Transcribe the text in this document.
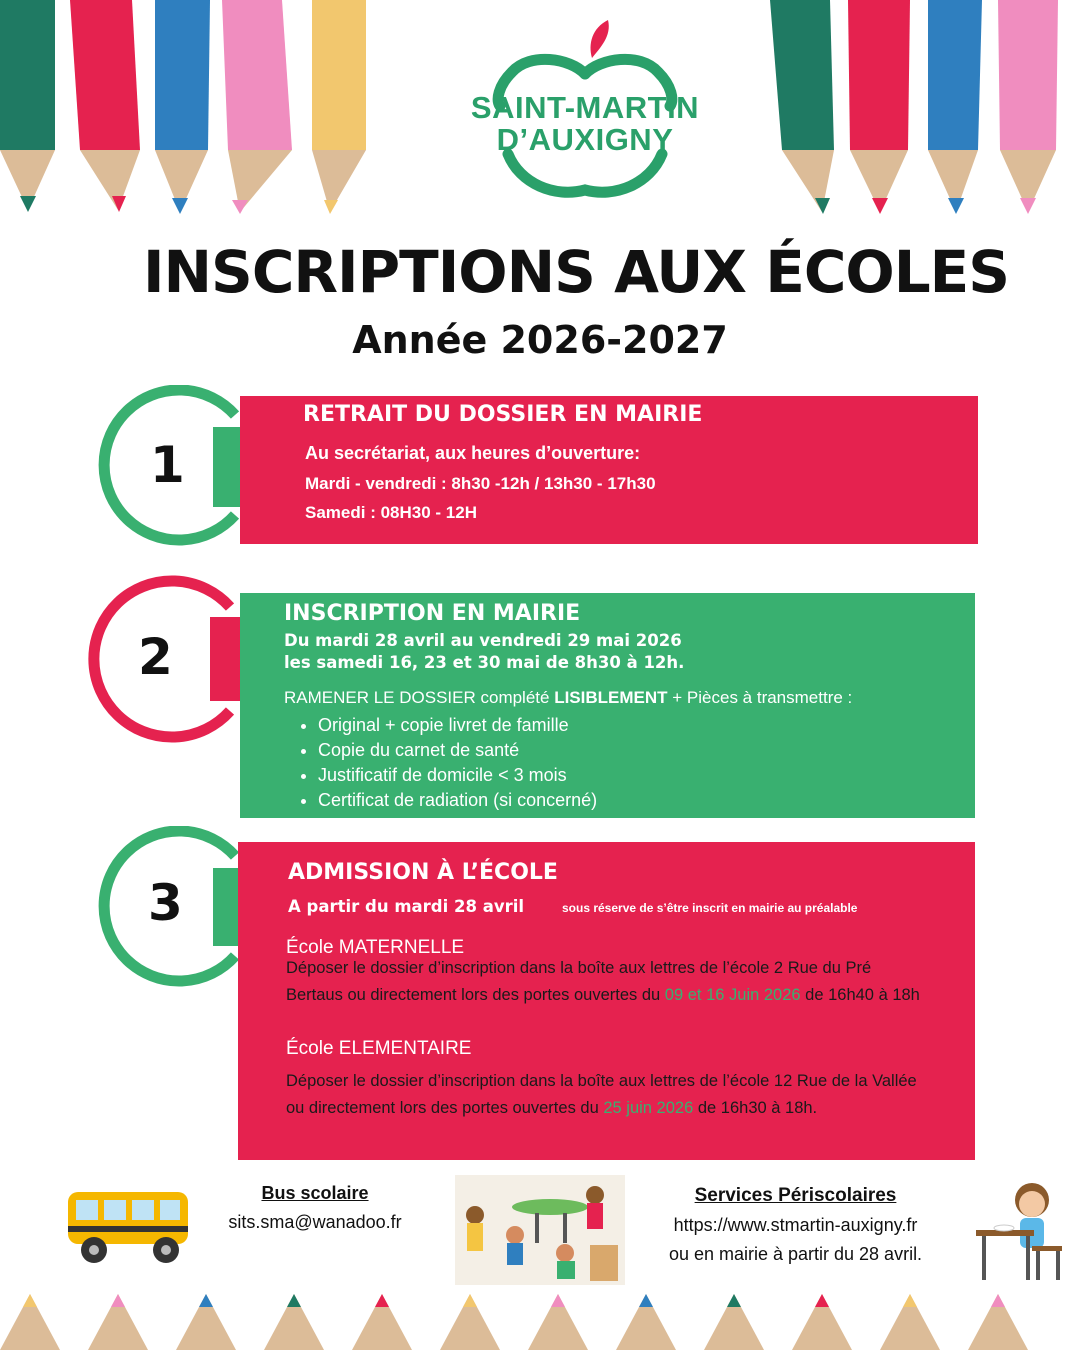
SAINT-MARTIN
D’AUXIGNY
INSCRIPTIONS AUX ÉCOLES
Année 2026-2027
1
RETRAIT DU DOSSIER EN MAIRIE
Au secrétariat, aux heures d’ouverture:
Mardi - vendredi : 8h30 -12h / 13h30 - 17h30
Samedi : 08H30 - 12H
2
INSCRIPTION EN MAIRIE
Du mardi 28 avril au vendredi 29 mai 2026
les samedi 16, 23 et 30 mai de 8h30 à 12h.
RAMENER LE DOSSIER complété LISIBLEMENT + Pièces à transmettre :
• Original + copie livret de famille
• Copie du carnet de santé
• Justificatif de domicile < 3 mois
• Certificat de radiation (si concerné)
3
ADMISSION À L’ÉCOLE
A partir du mardi 28 avril	sous réserve de s’être inscrit en mairie au préalable
École MATERNELLE
Déposer le dossier d’inscription dans la boîte aux lettres de l’école 2 Rue du Pré Bertaus ou directement lors des portes ouvertes du 09 et 16 Juin 2026 de 16h40 à 18h
École ELEMENTAIRE
Déposer le dossier d’inscription dans la boîte aux lettres de l’école 12 Rue de la Vallée ou directement lors des portes ouvertes du 25 juin 2026 de 16h30 à 18h.
Bus scolaire
sits.sma@wanadoo.fr
Services Périscolaires
https://www.stmartin-auxigny.fr
ou en mairie à partir du 28 avril.
